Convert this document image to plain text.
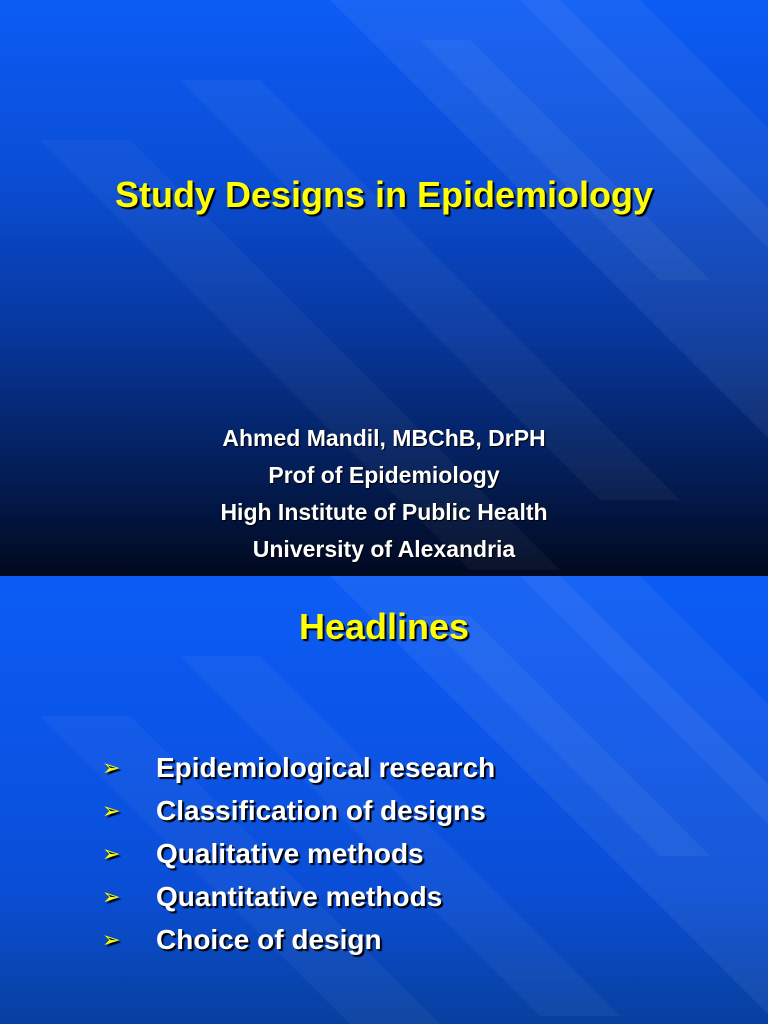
Study Designs in Epidemiology
Ahmed Mandil, MBChB, DrPH
Prof of Epidemiology
High Institute of Public Health
University of Alexandria
Headlines
➢ Epidemiological research
➢ Classification of designs
➢ Qualitative methods
➢ Quantitative methods
➢ Choice of design
